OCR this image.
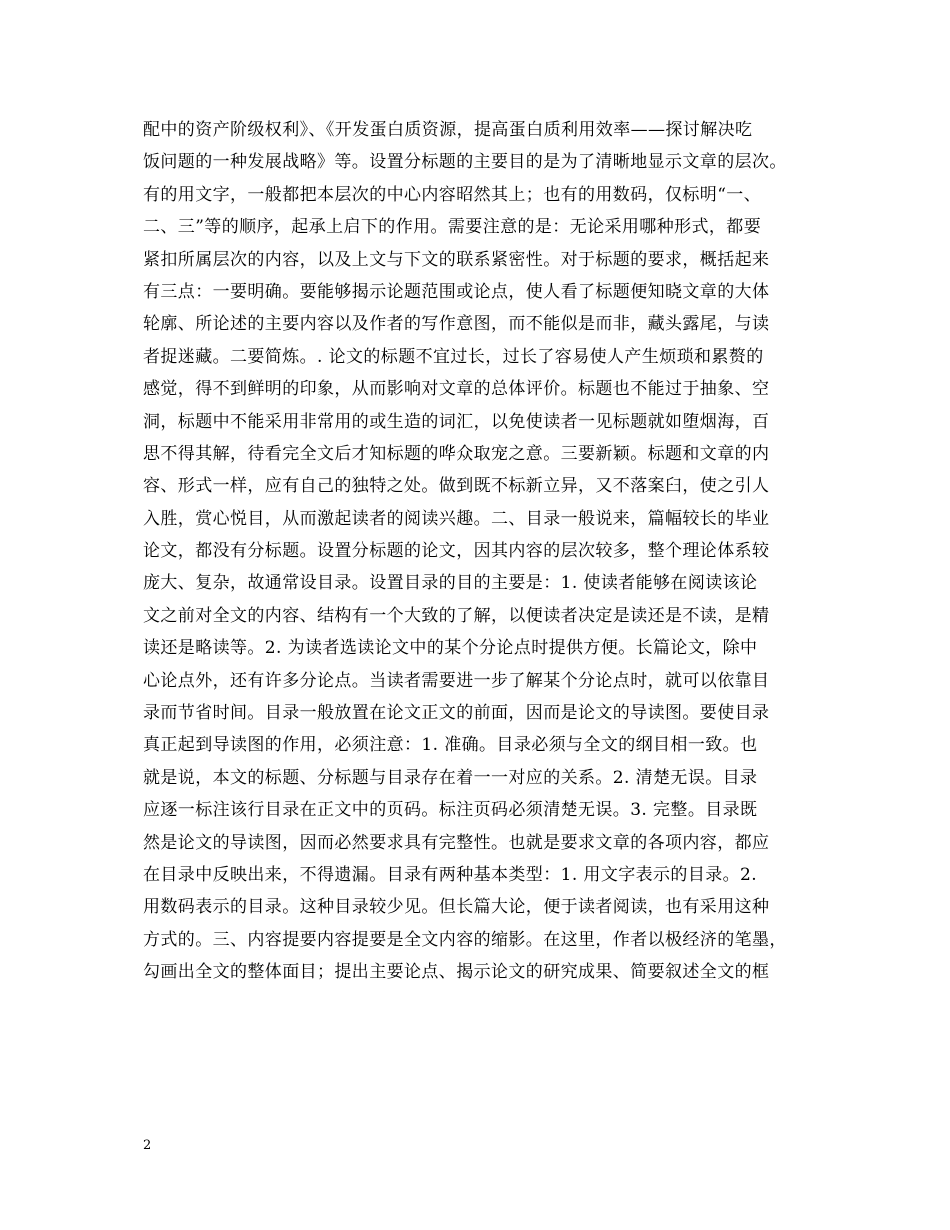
配中的资产阶级权利》、《开发蛋白质资源，提高蛋白质利用效率——探讨解决吃
饭问题的一种发展战略》等。设置分标题的主要目的是为了清晰地显示文章的层次。
有的用文字，一般都把本层次的中心内容昭然其上；也有的用数码，仅标明“一、
二、三”等的顺序，起承上启下的作用。需要注意的是：无论采用哪种形式，都要
紧扣所属层次的内容，以及上文与下文的联系紧密性。对于标题的要求，概括起来
有三点：一要明确。要能够揭示论题范围或论点，使人看了标题便知晓文章的大体
轮廓、所论述的主要内容以及作者的写作意图，而不能似是而非，藏头露尾，与读
者捉迷藏。二要简炼。. 论文的标题不宜过长，过长了容易使人产生烦琐和累赘的
感觉，得不到鲜明的印象，从而影响对文章的总体评价。标题也不能过于抽象、空
洞，标题中不能采用非常用的或生造的词汇，以免使读者一见标题就如堕烟海，百
思不得其解，待看完全文后才知标题的哗众取宠之意。三要新颖。标题和文章的内
容、形式一样，应有自己的独特之处。做到既不标新立异，又不落案臼，使之引人
入胜，赏心悦目，从而激起读者的阅读兴趣。二、目录一般说来，篇幅较长的毕业
论文，都没有分标题。设置分标题的论文，因其内容的层次较多，整个理论体系较
庞大、复杂，故通常设目录。设置目录的目的主要是：1. 使读者能够在阅读该论
文之前对全文的内容、结构有一个大致的了解，以便读者决定是读还是不读，是精
读还是略读等。2. 为读者选读论文中的某个分论点时提供方便。长篇论文，除中
心论点外，还有许多分论点。当读者需要进一步了解某个分论点时，就可以依靠目
录而节省时间。目录一般放置在论文正文的前面，因而是论文的导读图。要使目录
真正起到导读图的作用，必须注意：1. 准确。目录必须与全文的纲目相一致。也
就是说，本文的标题、分标题与目录存在着一一对应的关系。2. 清楚无误。目录
应逐一标注该行目录在正文中的页码。标注页码必须清楚无误。3. 完整。目录既
然是论文的导读图，因而必然要求具有完整性。也就是要求文章的各项内容，都应
在目录中反映出来，不得遗漏。目录有两种基本类型：1. 用文字表示的目录。2.
用数码表示的目录。这种目录较少见。但长篇大论，便于读者阅读，也有采用这种
方式的。三、内容提要内容提要是全文内容的缩影。在这里，作者以极经济的笔墨，
勾画出全文的整体面目；提出主要论点、揭示论文的研究成果、简要叙述全文的框
2
